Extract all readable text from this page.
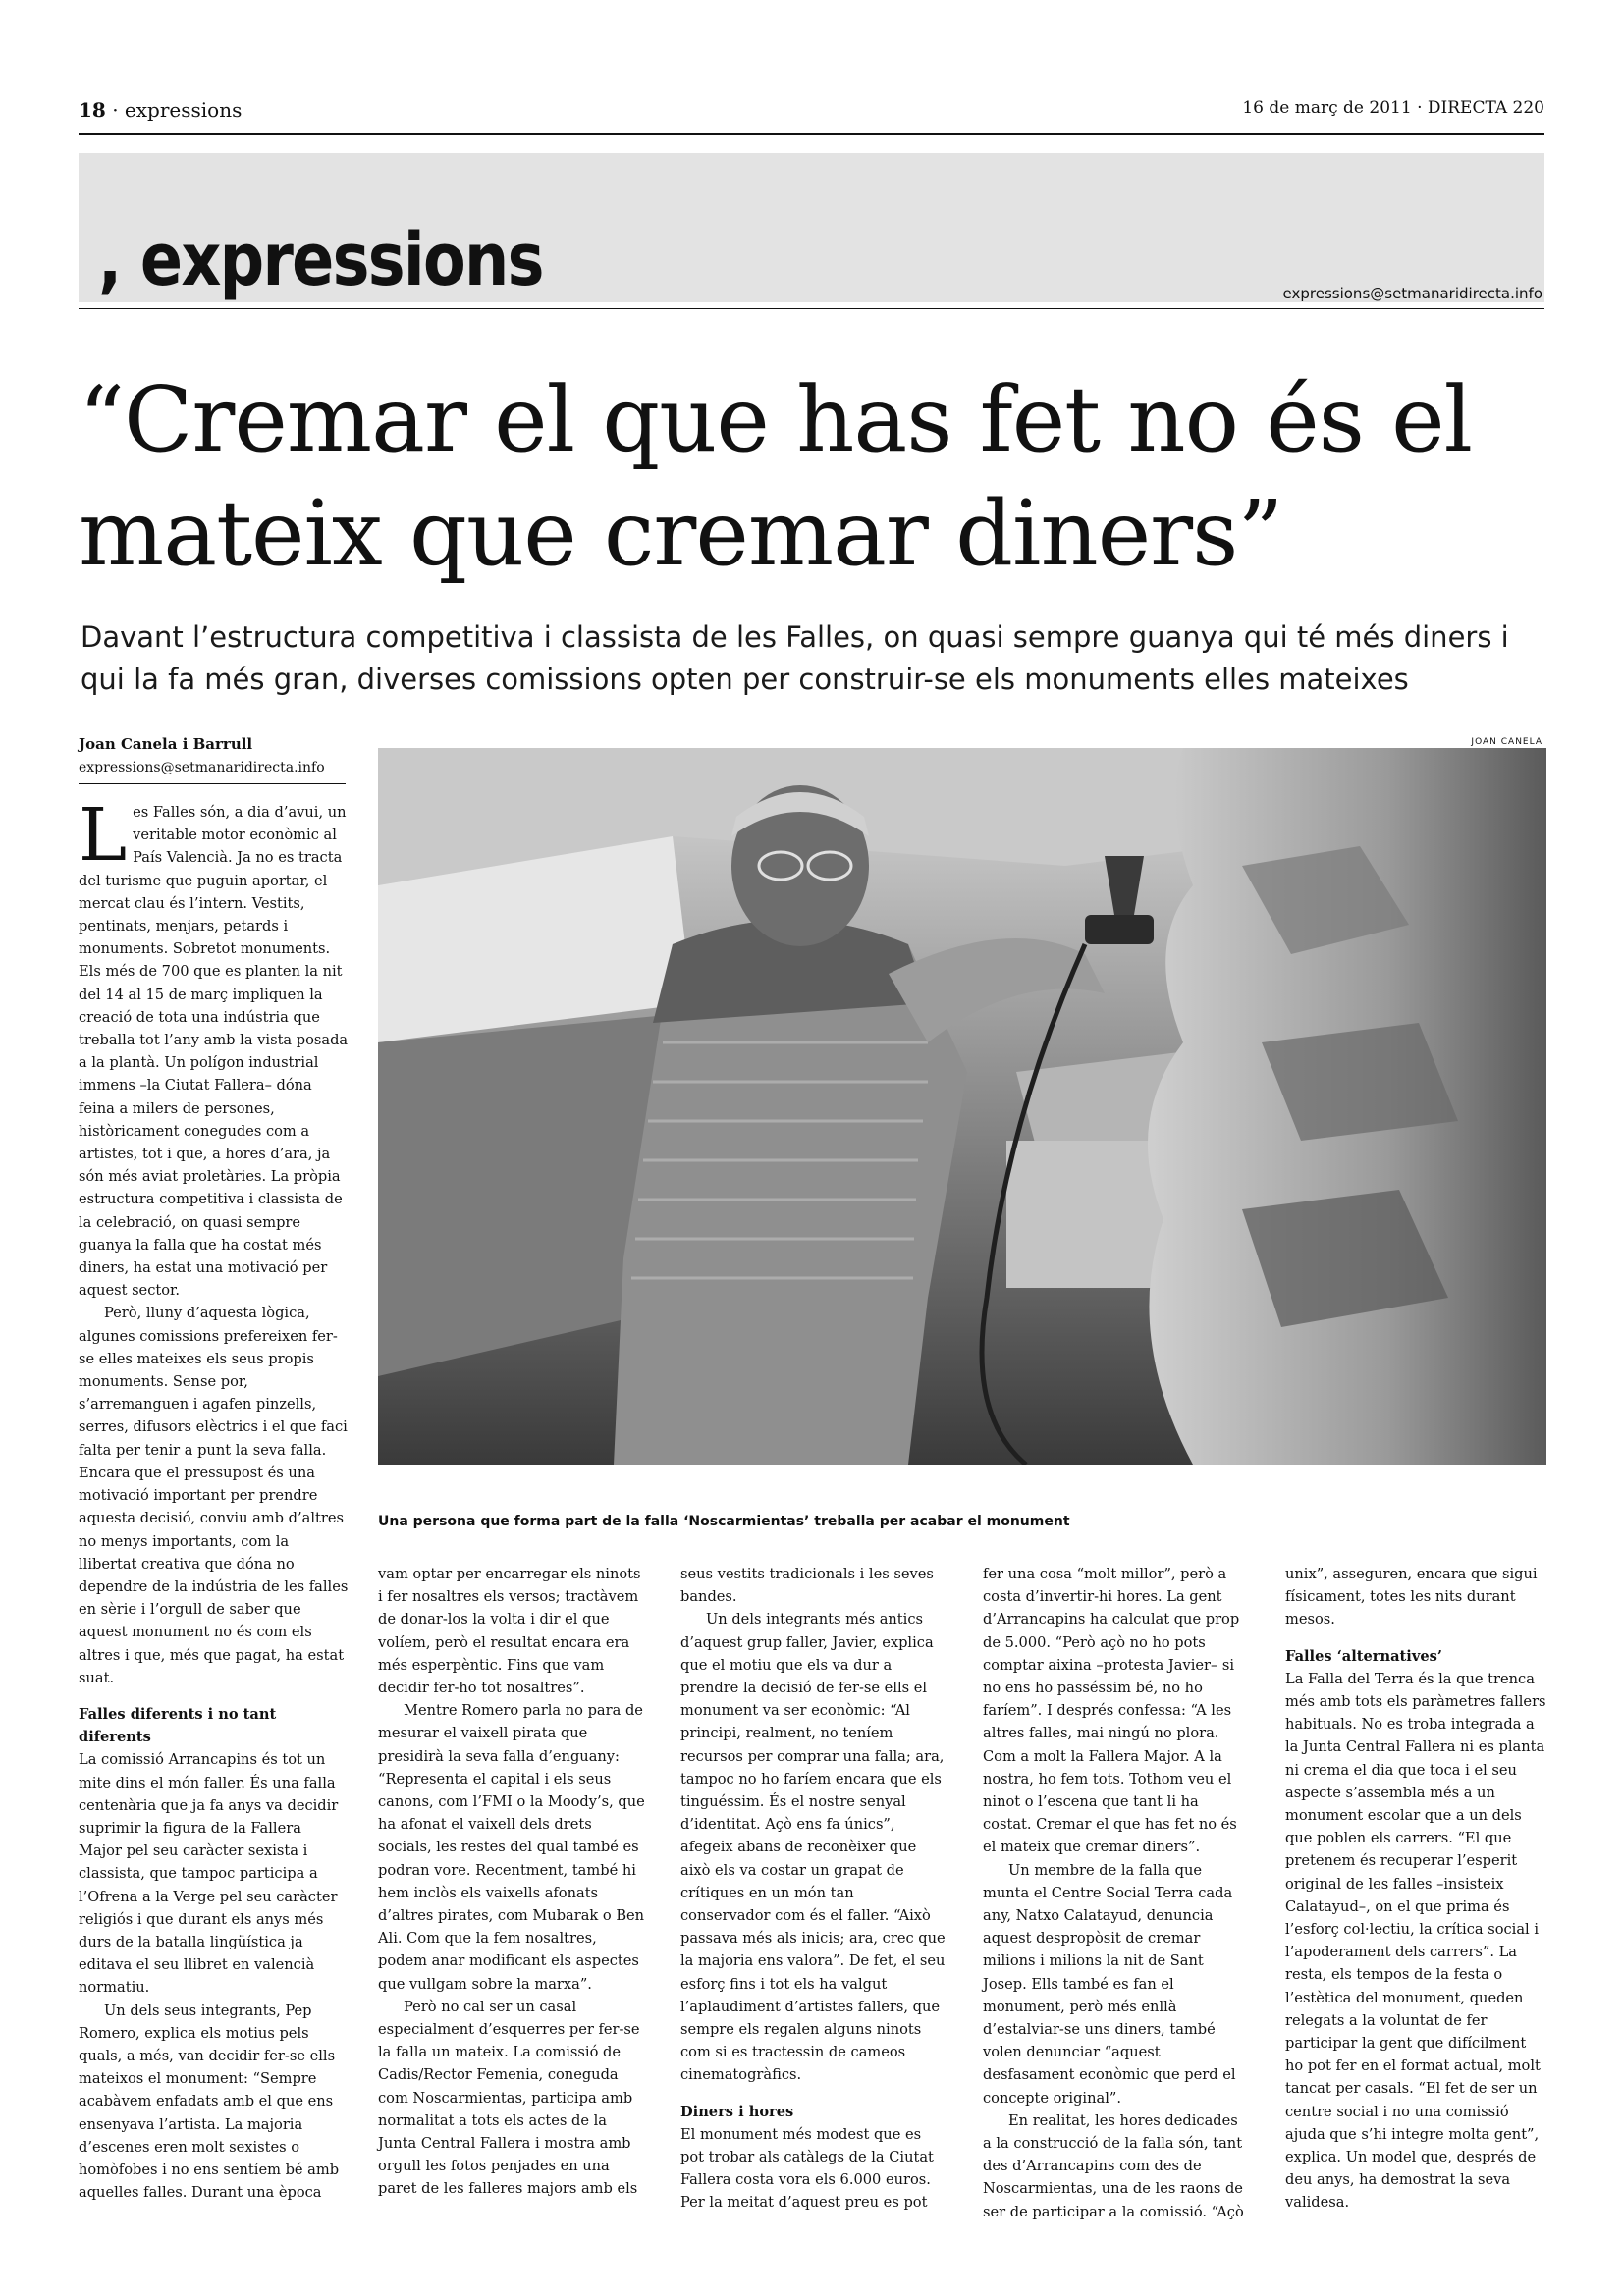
18 · expressions	16 de març de 2011 · DIRECTA 220
, expressions	expressions@setmanaridirecta.info
“Cremar el que has fet no és el mateix que cremar diners”
Davant l’estructura competitiva i classista de les Falles, on quasi sempre guanya qui té més diners i qui la fa més gran, diverses comissions opten per construir-se els monuments elles mateixes
Joan Canela i Barrull
expressions@setmanaridirecta.info
JOAN CANELA
Una persona que forma part de la falla ‘Noscarmientas’ treballa per acabar el monument

Les Falles són, a dia d’avui, un veritable motor econòmic al País Valencià. Ja no es tracta del turisme que puguin aportar, el mercat clau és l’intern. Vestits, pentinats, menjars, petards i monuments. Sobretot monuments. Els més de 700 que es planten la nit del 14 al 15 de març impliquen la creació de tota una indústria que treballa tot l’any amb la vista posada a la plantà. Un polígon industrial immens –la Ciutat Fallera– dóna feina a milers de persones, històricament conegudes com a artistes, tot i que, a hores d’ara, ja són més aviat proletàries. La pròpia estructura competitiva i classista de la celebració, on quasi sempre guanya la falla que ha costat més diners, ha estat una motivació per aquest sector.

Però, lluny d’aquesta lògica, algunes comissions prefereixen fer-se elles mateixes els seus propis monuments. Sense por, s’arremanguen i agafen pinzells, serres, difusors elèctrics i el que faci falta per tenir a punt la seva falla. Encara que el pressupost és una motivació important per prendre aquesta decisió, conviu amb d’altres no menys importants, com la llibertat creativa que dóna no dependre de la indústria de les falles en sèrie i l’orgull de saber que aquest monument no és com els altres i que, més que pagat, ha estat suat.

Falles diferents i no tant diferents

La comissió Arrancapins és tot un mite dins el món faller. És una falla centenària que ja fa anys va decidir suprimir la figura de la Fallera Major pel seu caràcter sexista i classista, que tampoc participa a l’Ofrena a la Verge pel seu caràcter religiós i que durant els anys més durs de la batalla lingüística ja editava el seu llibret en valencià normatiu.

Un dels seus integrants, Pep Romero, explica els motius pels quals, a més, van decidir fer-se ells mateixos el monument: “Sempre acabàvem enfadats amb el que ens ensenyava l’artista. La majoria d’escenes eren molt sexistes o homòfobes i no ens sentíem bé amb aquelles falles. Durant una època

vam optar per encarregar els ninots i fer nosaltres els versos; tractàvem de donar-los la volta i dir el que volíem, però el resultat encara era més esperpèntic. Fins que vam decidir fer-ho tot nosaltres”.

Mentre Romero parla no para de mesurar el vaixell pirata que presidirà la seva falla d’enguany: “Representa el capital i els seus canons, com l’FMI o la Moody’s, que ha afonat el vaixell dels drets socials, les restes del qual també es podran vore. Recentment, també hi hem inclòs els vaixells afonats d’altres pirates, com Mubarak o Ben Ali. Com que la fem nosaltres, podem anar modificant els aspectes que vullgam sobre la marxa”.

Però no cal ser un casal especialment d’esquerres per fer-se la falla un mateix. La comissió de Cadis/Rector Femenia, coneguda com Noscarmientas, participa amb normalitat a tots els actes de la Junta Central Fallera i mostra amb orgull les fotos penjades en una paret de les falleres majors amb els

seus vestits tradicionals i les seves bandes.

Un dels integrants més antics d’aquest grup faller, Javier, explica que el motiu que els va dur a prendre la decisió de fer-se ells el monument va ser econòmic: “Al principi, realment, no teníem recursos per comprar una falla; ara, tampoc no ho faríem encara que els tinguéssim. És el nostre senyal d’identitat. Açò ens fa únics”, afegeix abans de reconèixer que això els va costar un grapat de crítiques en un món tan conservador com és el faller. “Això passava més als inicis; ara, crec que la majoria ens valora”. De fet, el seu esforç fins i tot els ha valgut l’aplaudiment d’artistes fallers, que sempre els regalen alguns ninots com si es tractessin de cameos cinematogràfics.

Diners i hores

El monument més modest que es pot trobar als catàlegs de la Ciutat Fallera costa vora els 6.000 euros. Per la meitat d’aquest preu es pot

fer una cosa “molt millor”, però a costa d’invertir-hi hores. La gent d’Arrancapins ha calculat que prop de 5.000. “Però açò no ho pots comptar aixina –protesta Javier– si no ens ho passéssim bé, no ho faríem”. I després confessa: “A les altres falles, mai ningú no plora. Com a molt la Fallera Major. A la nostra, ho fem tots. Tothom veu el ninot o l’escena que tant li ha costat. Cremar el que has fet no és el mateix que cremar diners”.

Un membre de la falla que munta el Centre Social Terra cada any, Natxo Calatayud, denuncia aquest despropòsit de cremar milions i milions la nit de Sant Josep. Ells també es fan el monument, però més enllà d’estalviar-se uns diners, també volen denunciar “aquest desfasament econòmic que perd el concepte original”.

En realitat, les hores dedicades a la construcció de la falla són, tant des d’Arrancapins com des de Noscarmientas, una de les raons de ser de participar a la comissió. “Açò

unix”, asseguren, encara que sigui físicament, totes les nits durant mesos.

Falles ‘alternatives’

La Falla del Terra és la que trenca més amb tots els paràmetres fallers habituals. No es troba integrada a la Junta Central Fallera ni es planta ni crema el dia que toca i el seu aspecte s’assembla més a un monument escolar que a un dels que poblen els carrers. “El que pretenem és recuperar l’esperit original de les falles –insisteix Calatayud–, on el que prima és l’esforç col·lectiu, la crítica social i l’apoderament dels carrers”. La resta, els tempos de la festa o l’estètica del monument, queden relegats a la voluntat de fer participar la gent que difícilment ho pot fer en el format actual, molt tancat per casals. “El fet de ser un centre social i no una comissió ajuda que s’hi integre molta gent”, explica. Un model que, després de deu anys, ha demostrat la seva validesa.
